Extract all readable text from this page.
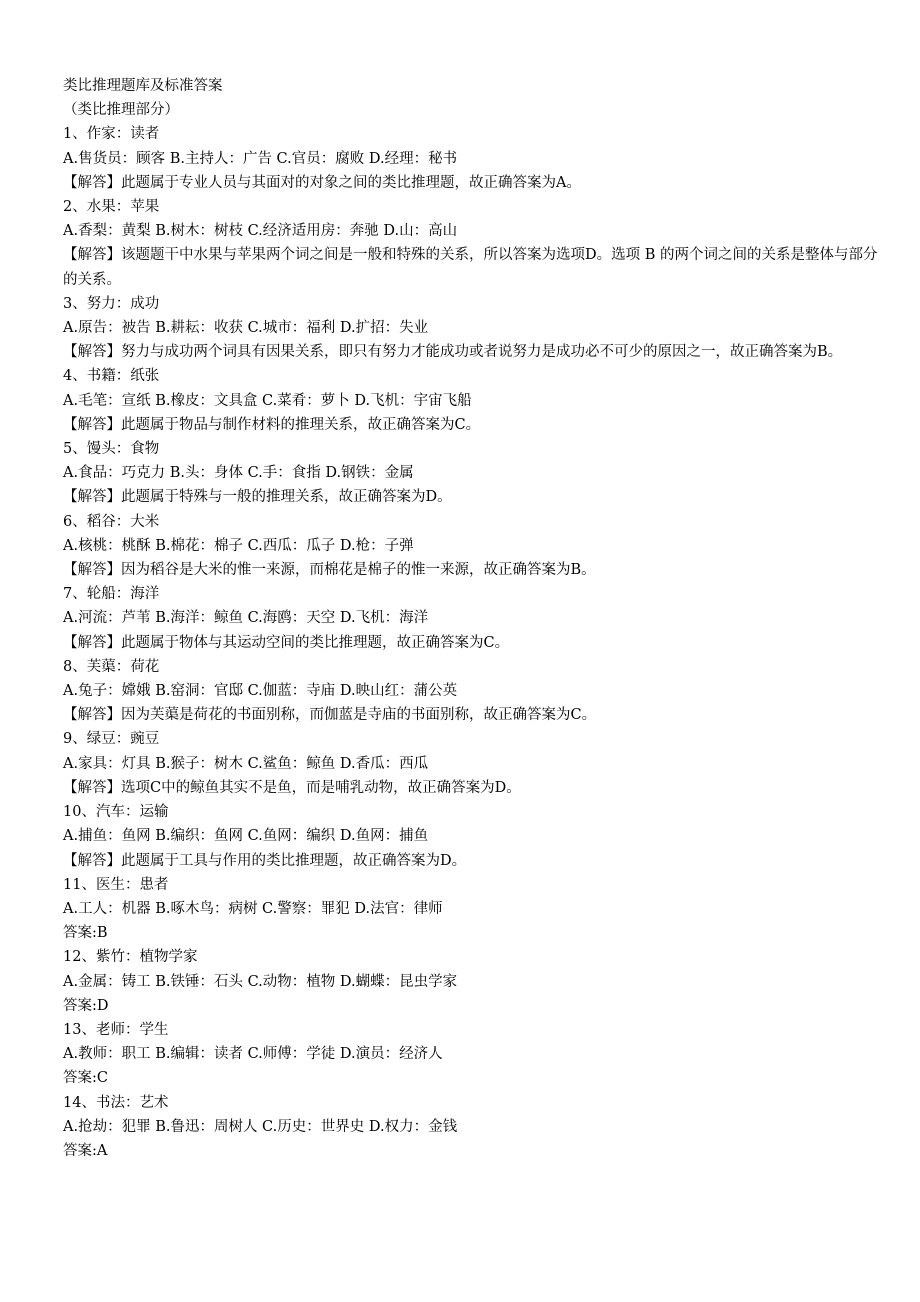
类比推理题库及标准答案

（类比推理部分）

1、作家：读者

A.售货员：顾客 B.主持人：广告 C.官员：腐败 D.经理：秘书

【解答】此题属于专业人员与其面对的对象之间的类比推理题，故正确答案为A。

2、水果：苹果

A.香梨：黄梨 B.树木：树枝 C.经济适用房：奔驰 D.山：高山

【解答】该题题干中水果与苹果两个词之间是一般和特殊的关系，所以答案为选项D。选项 B 的两个词之间的关系是整体与部分的关系。

3、努力：成功

A.原告：被告 B.耕耘：收获 C.城市：福利 D.扩招：失业

【解答】努力与成功两个词具有因果关系，即只有努力才能成功或者说努力是成功必不可少的原因之一，故正确答案为B。

4、书籍：纸张

A.毛笔：宣纸 B.橡皮：文具盒 C.菜肴：萝卜 D.飞机：宇宙飞船

【解答】此题属于物品与制作材料的推理关系，故正确答案为C。

5、馒头：食物

A.食品：巧克力 B.头：身体 C.手：食指 D.钢铁：金属

【解答】此题属于特殊与一般的推理关系，故正确答案为D。

6、稻谷：大米

A.核桃：桃酥 B.棉花：棉子 C.西瓜：瓜子 D.枪：子弹

【解答】因为稻谷是大米的惟一来源，而棉花是棉子的惟一来源，故正确答案为B。

7、轮船：海洋

A.河流：芦苇 B.海洋：鲸鱼 C.海鸥：天空 D.飞机：海洋

【解答】此题属于物体与其运动空间的类比推理题，故正确答案为C。

8、芙蕖：荷花

A.兔子：嫦娥 B.窑洞：官邸 C.伽蓝：寺庙 D.映山红：蒲公英

【解答】因为芙蕖是荷花的书面别称，而伽蓝是寺庙的书面别称，故正确答案为C。

9、绿豆：豌豆

A.家具：灯具 B.猴子：树木 C.鲨鱼：鲸鱼 D.香瓜：西瓜

【解答】选项C中的鲸鱼其实不是鱼，而是哺乳动物，故正确答案为D。

10、汽车：运输

A.捕鱼：鱼网 B.编织：鱼网 C.鱼网：编织 D.鱼网：捕鱼

【解答】此题属于工具与作用的类比推理题，故正确答案为D。

11、医生：患者

A.工人：机器 B.啄木鸟：病树 C.警察：罪犯 D.法官：律师

答案:B

12、紫竹：植物学家

A.金属：铸工 B.铁锤：石头 C.动物：植物 D.蝴蝶：昆虫学家

答案:D

13、老师：学生

A.教师：职工 B.编辑：读者 C.师傅：学徒 D.演员：经济人

答案:C

14、书法：艺术

A.抢劫：犯罪 B.鲁迅：周树人 C.历史：世界史 D.权力：金钱

答案:A
